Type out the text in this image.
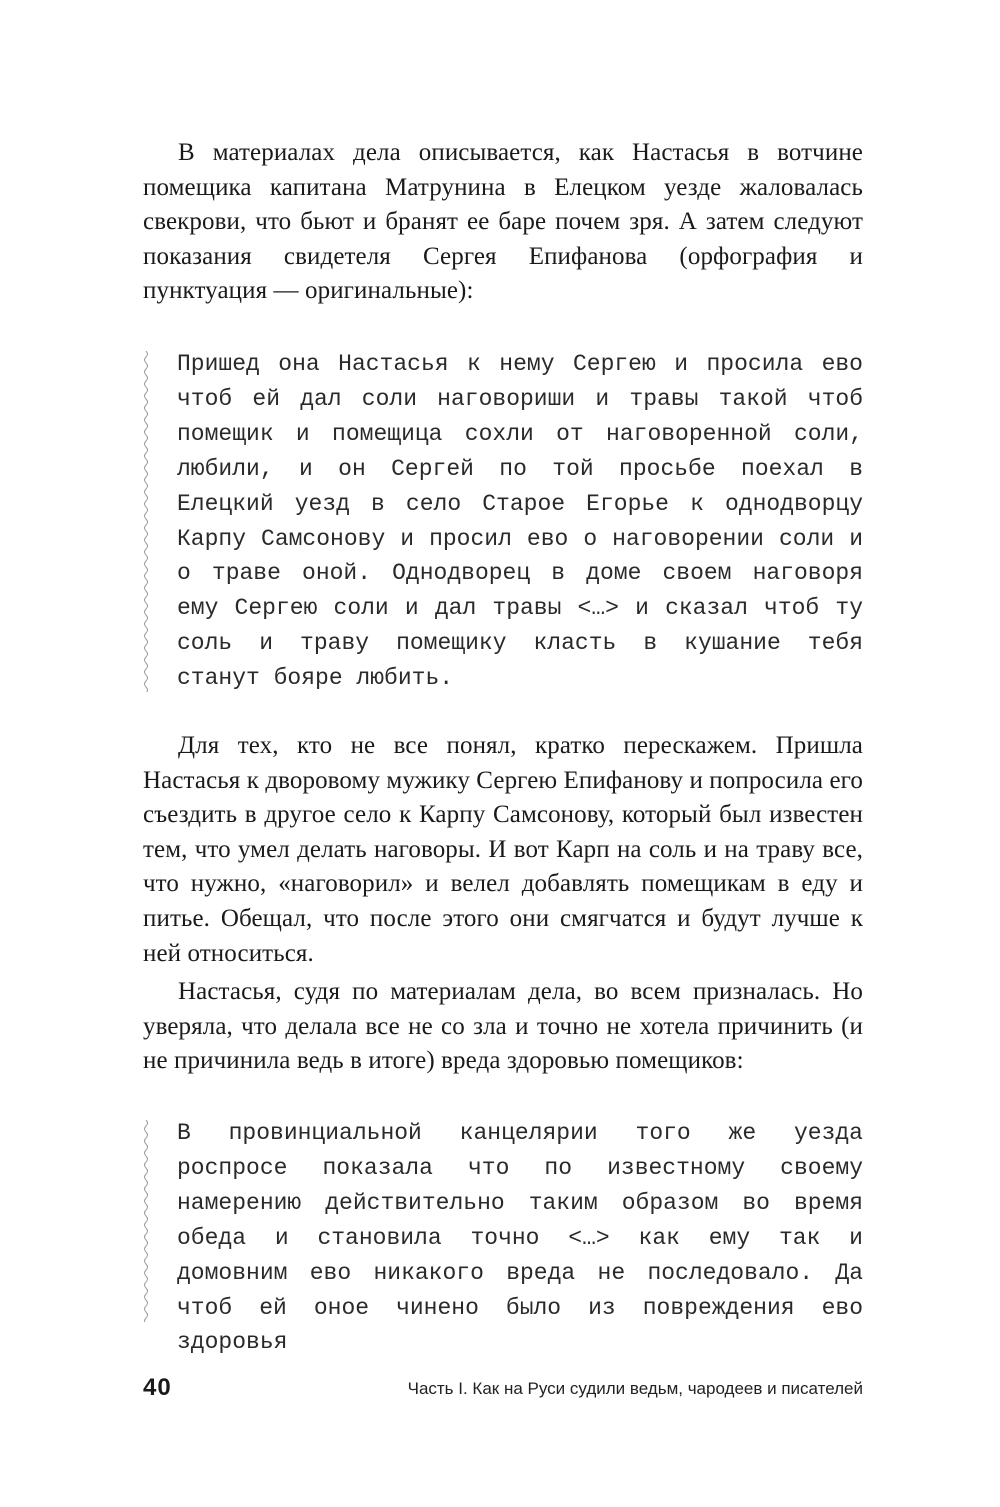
В материалах дела описывается, как Настасья в вотчине помещика капитана Матрунина в Елецком уезде жаловалась свекрови, что бьют и бранят ее баре почем зря. А затем следуют показания свидетеля Сергея Епифанова (орфография и пунктуация — оригинальные):

Пришед она Настасья к нему Сергею и просила ево чтоб ей дал соли наговориши и травы такой чтоб помещик и помещица сохли от наговоренной соли, любили, и он Сергей по той просьбе поехал в Елецкий уезд в село Старое Егорье к однодворцу Карпу Самсонову и просил ево о наговорении соли и о траве оной. Однодворец в доме своем наговоря ему Сергею соли и дал травы <…> и сказал чтоб ту соль и траву помещику класть в кушание тебя станут бояре любить.

Для тех, кто не все понял, кратко перескажем. Пришла Настасья к дворовому мужику Сергею Епифанову и попросила его съездить в другое село к Карпу Самсонову, который был известен тем, что умел делать наговоры. И вот Карп на соль и на траву все, что нужно, «наговорил» и велел добавлять помещикам в еду и питье. Обещал, что после этого они смягчатся и будут лучше к ней относиться.

Настасья, судя по материалам дела, во всем призналась. Но уверяла, что делала все не со зла и точно не хотела причинить (и не причинила ведь в итоге) вреда здоровью помещиков:

В провинциальной канцелярии того же уезда роспросе показала что по известному своему намерению действительно таким образом во время обеда и становила точно <…> как ему так и домовним ево никакого вреда не последовало. Да чтоб ей оное чинено было из повреждения ево здоровья

40	Часть I. Как на Руси судили ведьм, чародеев и писателей
